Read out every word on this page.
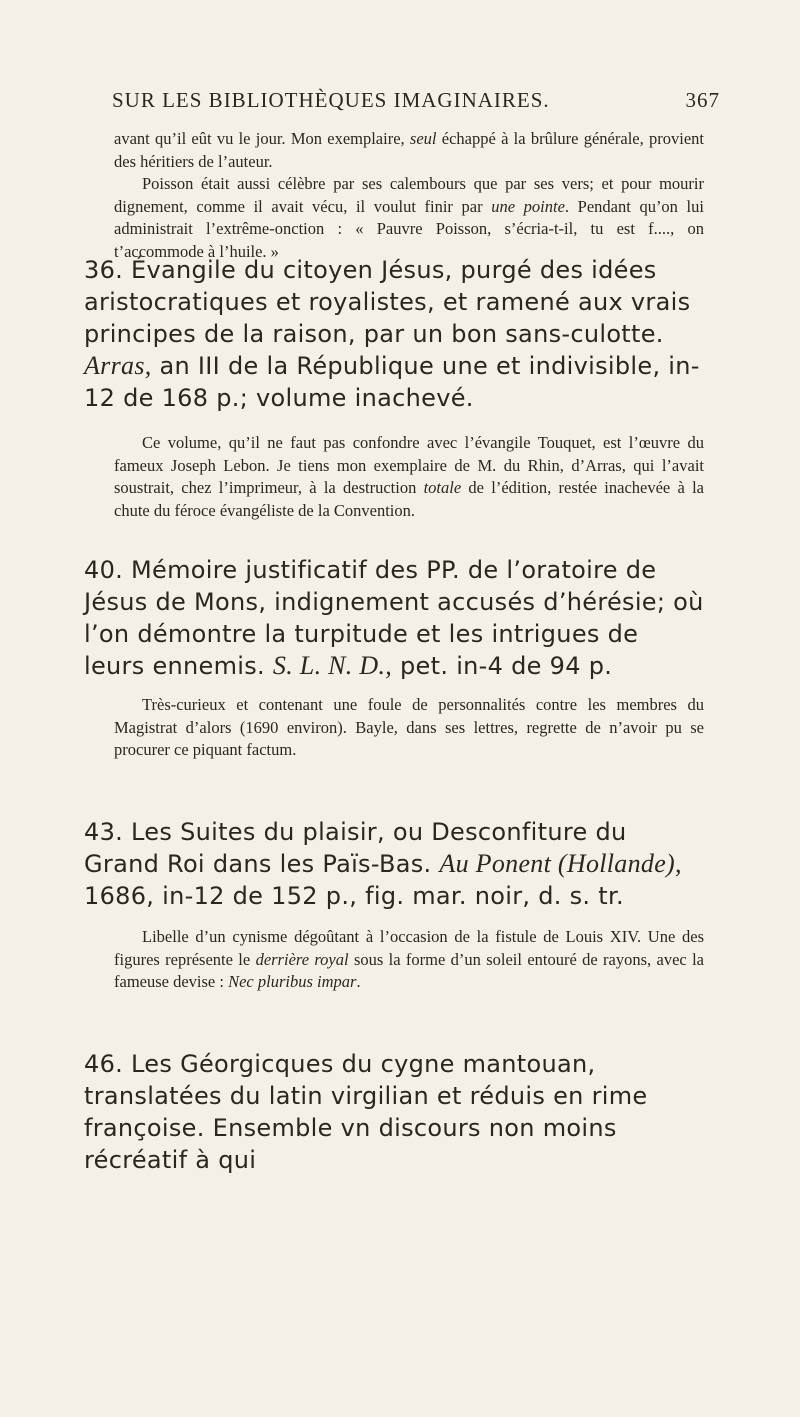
SUR LES BIBLIOTHÈQUES IMAGINAIRES.	367

avant qu’il eût vu le jour. Mon exemplaire, seul échappé à la brûlure générale, provient des héritiers de l’auteur.

Poisson était aussi célèbre par ses calembours que par ses vers; et pour mourir dignement, comme il avait vécu, il voulut finir par une pointe. Pendant qu’on lui administrait l’extrême-onction : « Pauvre Poisson, s’écria-t-il, tu est f...., on t’accommode à l’huile. »

36. Évangile du citoyen Jésus, purgé des idées aristocratiques et royalistes, et ramené aux vrais principes de la raison, par un bon sans-culotte. Arras, an III de la République une et indivisible, in-12 de 168 p.; volume inachevé.

Ce volume, qu’il ne faut pas confondre avec l’évangile Touquet, est l’œuvre du fameux Joseph Lebon. Je tiens mon exemplaire de M. du Rhin, d’Arras, qui l’avait soustrait, chez l’imprimeur, à la destruction totale de l’édition, restée inachevée à la chute du féroce évangéliste de la Convention.

40. Mémoire justificatif des PP. de l’oratoire de Jésus de Mons, indignement accusés d’hérésie; où l’on démontre la turpitude et les intrigues de leurs ennemis. S. L. N. D., pet. in-4 de 94 p.

Très-curieux et contenant une foule de personnalités contre les membres du Magistrat d’alors (1690 environ). Bayle, dans ses lettres, regrette de n’avoir pu se procurer ce piquant factum.

43. Les Suites du plaisir, ou Desconfiture du Grand Roi dans les Païs-Bas. Au Ponent (Hollande), 1686, in-12 de 152 p., fig. mar. noir, d. s. tr.

Libelle d’un cynisme dégoûtant à l’occasion de la fistule de Louis XIV. Une des figures représente le derrière royal sous la forme d’un soleil entouré de rayons, avec la fameuse devise : Nec pluribus impar.

46. Les Géorgicques du cygne mantouan, translatées du latin virgilian et réduis en rime françoise. Ensemble vn discours non moins récréatif à qui
